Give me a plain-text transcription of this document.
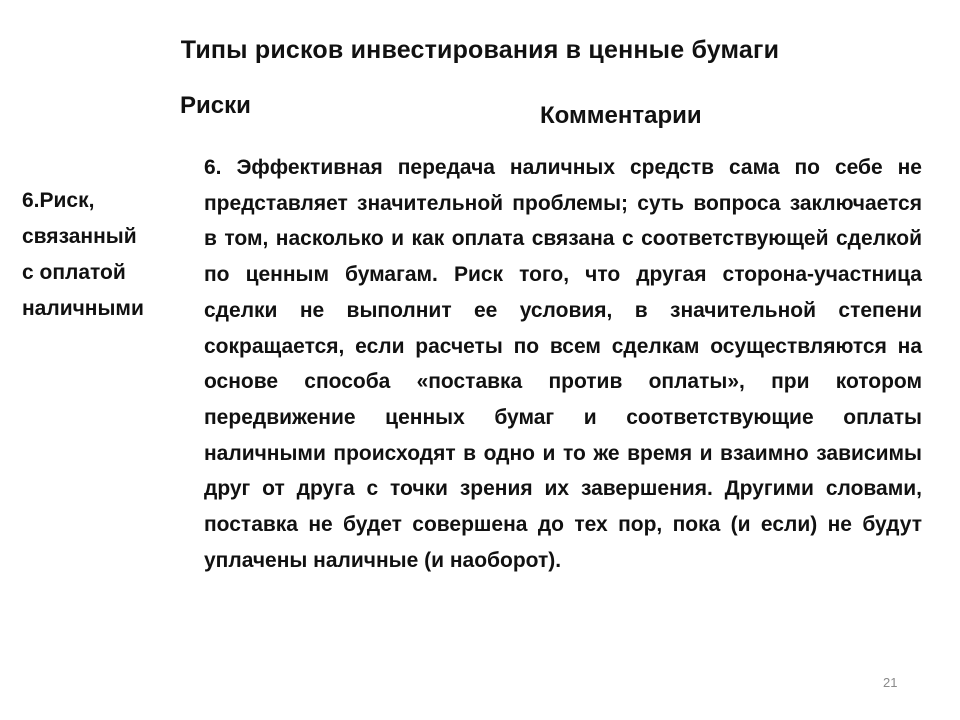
Типы рисков инвестирования в ценные бумаги
Риски	Комментарии
6.Риск,
связанный
с оплатой
наличными

6. Эффективная передача наличных средств сама по себе не представляет значительной проблемы; суть вопроса заключается в том, насколько и как оплата связана с соответствующей сделкой по ценным бумагам. Риск того, что другая сторона-участница сделки не выполнит ее условия, в значительной степени сокращается, если расчеты по всем сделкам осуществляются на основе способа «поставка против оплаты», при котором передвижение ценных бумаг и соответствующие оплаты наличными происходят в одно и то же время и взаимно зависимы друг от друга с точки зрения их завершения. Другими словами, поставка не будет совершена до тех пор, пока (и если) не будут уплачены наличные (и наоборот).

21
